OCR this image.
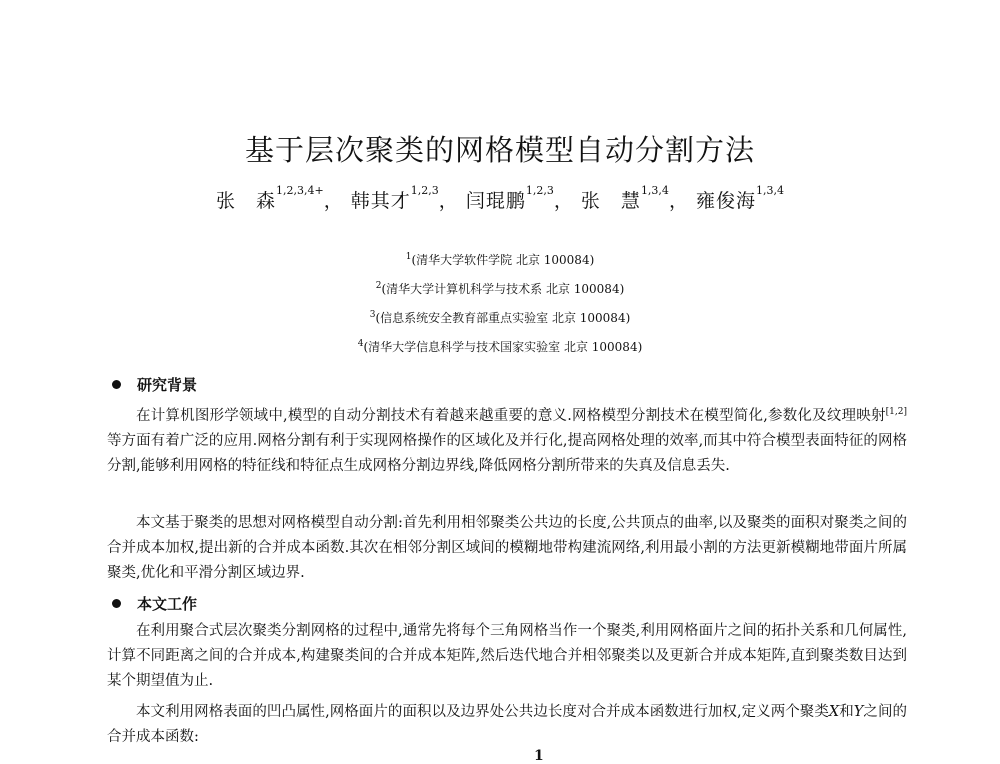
基于层次聚类的网格模型自动分割方法
张　森$^{1,2,3,4+}$， 韩其才$^{1,2,3}$， 闫琨鹏$^{1,2,3}$， 张　慧$^{1,3,4}$， 雍俊海$^{1,3,4}$

$^1$(清华大学软件学院 北京 100084)

$^2$(清华大学计算机科学与技术系 北京 100084)

$^3$(信息系统安全教育部重点实验室 北京 100084)

$^4$(清华大学信息科学与技术国家实验室 北京 100084)

研究背景

在计算机图形学领域中,模型的自动分割技术有着越来越重要的意义.网格模型分割技术在模型简化,参数化及纹理映射[1,2]等方面有着广泛的应用.网格分割有利于实现网格操作的区域化及并行化,提高网格处理的效率,而其中符合模型表面特征的网格分割,能够利用网格的特征线和特征点生成网格分割边界线,降低网格分割所带来的失真及信息丢失.

本文基于聚类的思想对网格模型自动分割:首先利用相邻聚类公共边的长度,公共顶点的曲率,以及聚类的面积对聚类之间的合并成本加权,提出新的合并成本函数.其次在相邻分割区域间的模糊地带构建流网络,利用最小割的方法更新模糊地带面片所属聚类,优化和平滑分割区域边界.

本文工作

在利用聚合式层次聚类分割网格的过程中,通常先将每个三角网格当作一个聚类,利用网格面片之间的拓扑关系和几何属性,计算不同距离之间的合并成本,构建聚类间的合并成本矩阵,然后迭代地合并相邻聚类以及更新合并成本矩阵,直到聚类数目达到某个期望值为止.

本文利用网格表面的凹凸属性,网格面片的面积以及边界处公共边长度对合并成本函数进行加权,定义两个聚类X和Y之间的合并成本函数:

1
